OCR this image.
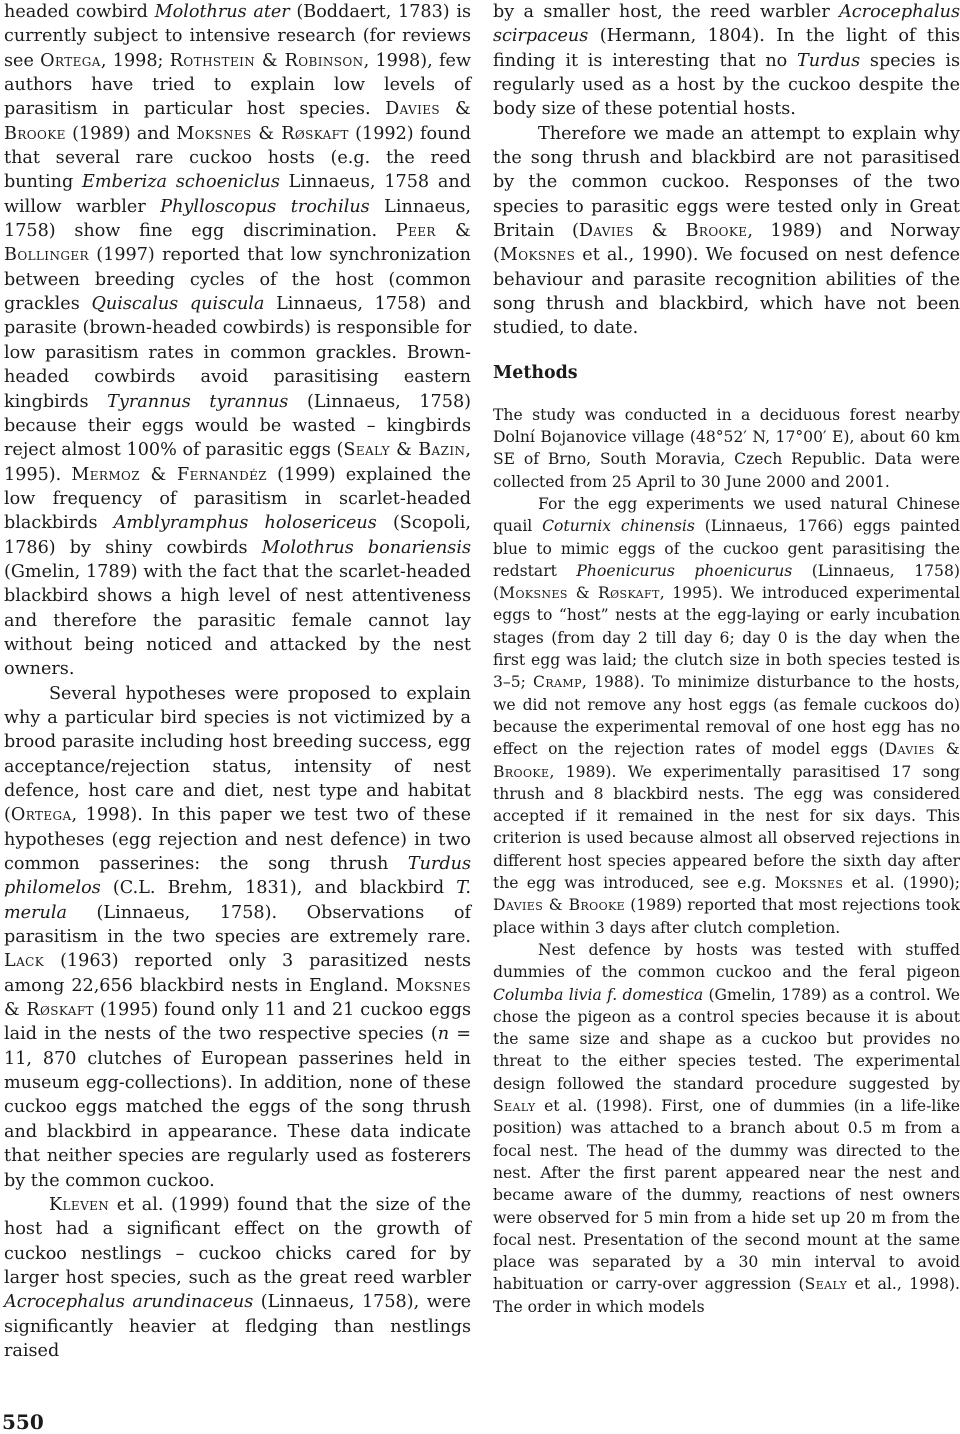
headed cowbird Molothrus ater (Boddaert, 1783) is currently subject to intensive research (for reviews see Ortega, 1998; Rothstein & Robinson, 1998), few authors have tried to explain low levels of parasitism in particular host species. Davies & Brooke (1989) and Moksnes & Røskaft (1992) found that several rare cuckoo hosts (e.g. the reed bunting Emberiza schoeniclus Linnaeus, 1758 and willow warbler Phylloscopus trochilus Linnaeus, 1758) show fine egg discrimination. Peer & Bollinger (1997) reported that low synchronization between breeding cycles of the host (common grackles Quiscalus quiscula Linnaeus, 1758) and parasite (brown-headed cowbirds) is responsible for low parasitism rates in common grackles. Brown-headed cowbirds avoid parasitising eastern kingbirds Tyrannus tyrannus (Linnaeus, 1758) because their eggs would be wasted – kingbirds reject almost 100% of parasitic eggs (Sealy & Bazin, 1995). Mermoz & Fernandéz (1999) explained the low frequency of parasitism in scarlet-headed blackbirds Amblyramphus holosericeus (Scopoli, 1786) by shiny cowbirds Molothrus bonariensis (Gmelin, 1789) with the fact that the scarlet-headed blackbird shows a high level of nest attentiveness and therefore the parasitic female cannot lay without being noticed and attacked by the nest owners.

Several hypotheses were proposed to explain why a particular bird species is not victimized by a brood parasite including host breeding success, egg acceptance/rejection status, intensity of nest defence, host care and diet, nest type and habitat (Ortega, 1998). In this paper we test two of these hypotheses (egg rejection and nest defence) in two common passerines: the song thrush Turdus philomelos (C.L. Brehm, 1831), and blackbird T. merula (Linnaeus, 1758). Observations of parasitism in the two species are extremely rare. Lack (1963) reported only 3 parasitized nests among 22,656 blackbird nests in England. Moksnes & Røskaft (1995) found only 11 and 21 cuckoo eggs laid in the nests of the two respective species (n = 11, 870 clutches of European passerines held in museum egg-collections). In addition, none of these cuckoo eggs matched the eggs of the song thrush and blackbird in appearance. These data indicate that neither species are regularly used as fosterers by the common cuckoo.

Kleven et al. (1999) found that the size of the host had a significant effect on the growth of cuckoo nestlings – cuckoo chicks cared for by larger host species, such as the great reed warbler Acrocephalus arundinaceus (Linnaeus, 1758), were significantly heavier at fledging than nestlings raised

by a smaller host, the reed warbler Acrocephalus scirpaceus (Hermann, 1804). In the light of this finding it is interesting that no Turdus species is regularly used as a host by the cuckoo despite the body size of these potential hosts.

Therefore we made an attempt to explain why the song thrush and blackbird are not parasitised by the common cuckoo. Responses of the two species to parasitic eggs were tested only in Great Britain (Davies & Brooke, 1989) and Norway (Moksnes et al., 1990). We focused on nest defence behaviour and parasite recognition abilities of the song thrush and blackbird, which have not been studied, to date.

Methods

The study was conducted in a deciduous forest nearby Dolní Bojanovice village (48°52′ N, 17°00′ E), about 60 km SE of Brno, South Moravia, Czech Republic. Data were collected from 25 April to 30 June 2000 and 2001.

For the egg experiments we used natural Chinese quail Coturnix chinensis (Linnaeus, 1766) eggs painted blue to mimic eggs of the cuckoo gent parasitising the redstart Phoenicurus phoenicurus (Linnaeus, 1758) (Moksnes & Røskaft, 1995). We introduced experimental eggs to “host” nests at the egg-laying or early incubation stages (from day 2 till day 6; day 0 is the day when the first egg was laid; the clutch size in both species tested is 3–5; Cramp, 1988). To minimize disturbance to the hosts, we did not remove any host eggs (as female cuckoos do) because the experimental removal of one host egg has no effect on the rejection rates of model eggs (Davies & Brooke, 1989). We experimentally parasitised 17 song thrush and 8 blackbird nests. The egg was considered accepted if it remained in the nest for six days. This criterion is used because almost all observed rejections in different host species appeared before the sixth day after the egg was introduced, see e.g. Moksnes et al. (1990); Davies & Brooke (1989) reported that most rejections took place within 3 days after clutch completion.

Nest defence by hosts was tested with stuffed dummies of the common cuckoo and the feral pigeon Columba livia f. domestica (Gmelin, 1789) as a control. We chose the pigeon as a control species because it is about the same size and shape as a cuckoo but provides no threat to the either species tested. The experimental design followed the standard procedure suggested by Sealy et al. (1998). First, one of dummies (in a life-like position) was attached to a branch about 0.5 m from a focal nest. The head of the dummy was directed to the nest. After the first parent appeared near the nest and became aware of the dummy, reactions of nest owners were observed for 5 min from a hide set up 20 m from the focal nest. Presentation of the second mount at the same place was separated by a 30 min interval to avoid habituation or carry-over aggression (Sealy et al., 1998). The order in which models

550
